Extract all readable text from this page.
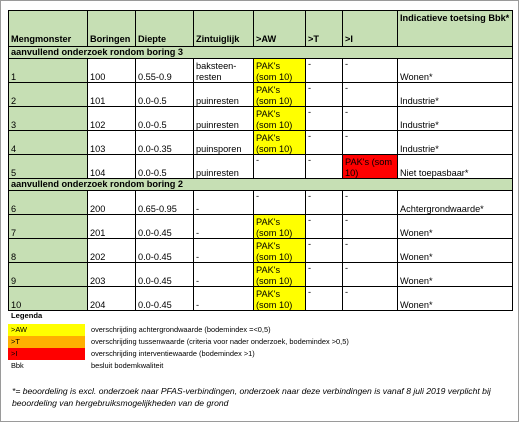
Mengmonster	Boringen	Diepte	Zintuiglijk	>AW	>T	>I	Indicatieve toetsing Bbk*
aanvullend onderzoek rondom boring 3							
1	100	0.55-0.9	baksteen-resten	PAK's (som 10)	-	-	Wonen*
2	101	0.0-0.5	puinresten	PAK's (som 10)	-	-	Industrie*
3	102	0.0-0.5	puinresten	PAK's (som 10)	-	-	Industrie*
4	103	0.0-0.35	puinsporen	PAK's (som 10)	-	-	Industrie*
5	104	0.0-0.5	puinresten	-	-	PAK's (som 10)	Niet toepasbaar*
aanvullend onderzoek rondom boring 2							
6	200	0.65-0.95	-	-	-	-	Achtergrondwaarde*
7	201	0.0-0.45	-	PAK's (som 10)	-	-	Wonen*
8	202	0.0-0.45	-	PAK's (som 10)	-	-	Wonen*
9	203	0.0-0.45	-	PAK's (som 10)	-	-	Wonen*
10	204	0.0-0.45	-	PAK's (som 10)	-	-	Wonen*
Legenda
>AW	overschrijding achtergrondwaarde (bodemindex =<0,5)
>T	overschrijding tussenwaarde (criteria voor nader onderzoek, bodemindex >0,5)
>I	overschrijding interventiewaarde (bodemindex >1)
Bbk	besluit bodemkwaliteit
*= beoordeling is excl. onderzoek naar PFAS-verbindingen, onderzoek naar deze verbindingen is vanaf 8 juli 2019 verplicht bij beoordeling van hergebruiksmogelijkheden van de grond
